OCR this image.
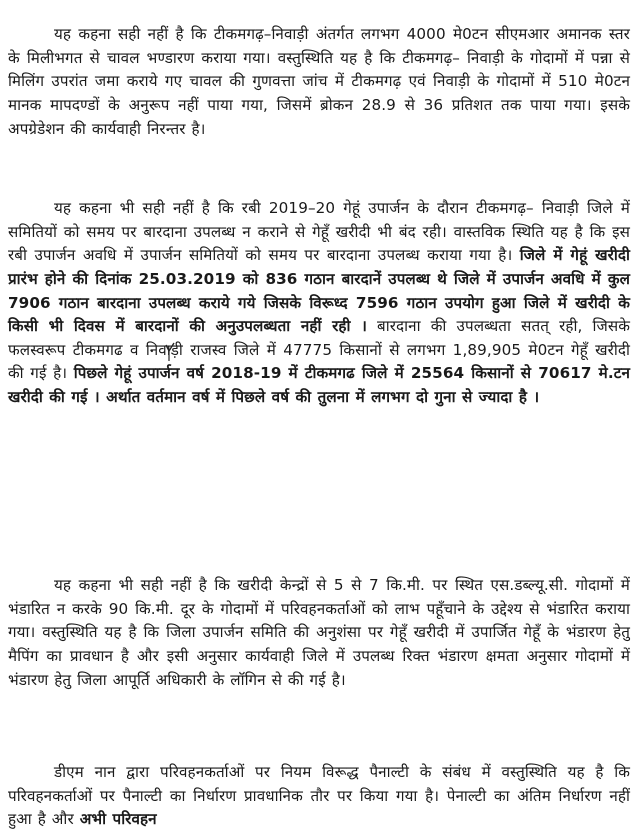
यह कहना सही नहीं है कि टीकमगढ़–निवाड़ी अंतर्गत लगभग 4000 मे0टन सीएमआर अमानक स्तर के मिलीभगत से चावल भण्डारण कराया गया। वस्तुस्थिति यह है कि टीकमगढ़– निवाड़ी के गोदामों में पन्ना से मिलिंग उपरांत जमा कराये गए चावल की गुणवत्ता जांच में टीकमगढ़ एवं निवाड़ी के गोदामों में 510 मे0टन मानक मापदण्डों के अनुरूप नहीं पाया गया, जिसमें ब्रोकन 28.9 से 36 प्रतिशत तक पाया गया। इसके अपग्रेडेशन की कार्यवाही निरन्तर है।

यह कहना भी सही नहीं है कि रबी 2019–20 गेहूं उपार्जन के दौरान टीकमगढ़– निवाड़ी जिले में समितियों को समय पर बारदाना उपलब्ध न कराने से गेहूँ खरीदी भी बंद रही। वास्तविक स्थिति यह है कि इस रबी उपार्जन अवधि में उपार्जन समितियों को समय पर बारदाना उपलब्ध कराया गया है। जिले में गेहूं खरीदी प्रारंभ होने की दिनांक 25.03.2019 को 836 गठान बारदानें उपलब्ध थे जिले में उपार्जन अवधि में कुल 7906 गठान बारदाना उपलब्ध कराये गये जिसके विरूध्द 7596 गठान उपयोग हुआ जिले में खरीदी के किसी भी दिवस में बारदानों की अनुउपलब्धता नहीं रही । बारदाना की उपलब्धता सतत् रही, जिसके फलस्वरूप टीकमगढ व निवाड़ी राजस्व जिले में 47775 किसानों से लगभग 1,89,905 मे0टन गेहूँ खरीदी की गई है। पिछले गेहूं उपार्जन वर्ष 2018-19 में टीकमगढ जिले में 25564 किसानों से 70617 मे.टन खरीदी की गई । अर्थात वर्तमान वर्ष में पिछले वर्ष की तुलना में लगभग दो गुना से ज्यादा है ।

यह कहना भी सही नहीं है कि खरीदी केन्द्रों से 5 से 7 कि.मी. पर स्थित एस.डब्ल्यू.सी. गोदामों में भंडारित न करके 90 कि.मी. दूर के गोदामों में परिवहनकर्ताओं को लाभ पहूँचाने के उद्देश्य से भंडारित कराया गया। वस्तुस्थिति यह है कि जिला उपार्जन समिति की अनुशंसा पर गेहूँ खरीदी में उपार्जित गेहूँ के भंडारण हेतु मैपिंग का प्रावधान है और इसी अनुसार कार्यवाही जिले में उपलब्ध रिक्त भंडारण क्षमता अनुसार गोदामों में भंडारण हेतु जिला आपूर्ति अधिकारी के लॉगिन से की गई है।

डीएम नान द्वारा परिवहनकर्ताओं पर नियम विरूद्ध पैनाल्टी के संबंध में वस्तुस्थिति यह है कि परिवहनकर्ताओं पर पैनाल्टी का निर्धारण प्रावधानिक तौर पर किया गया है। पेनाल्टी का अंतिम निर्धारण नहीं हुआ है और अभी परिवहन
